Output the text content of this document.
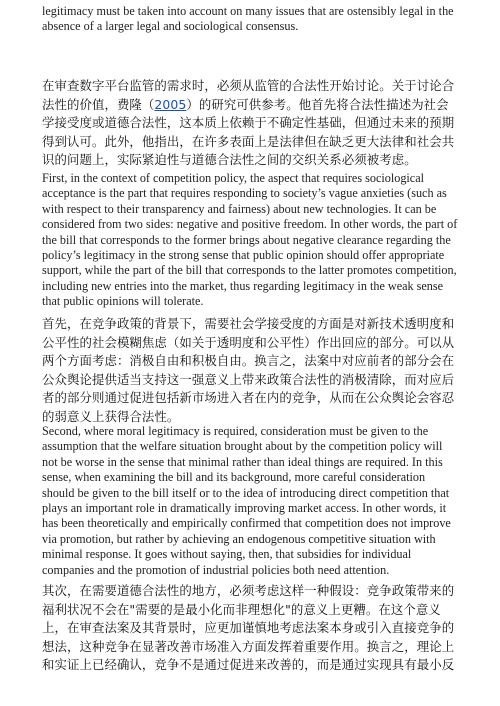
legitimacy must be taken into account on many issues that are ostensibly legal in the absence of a larger legal and sociological consensus.

在审查数字平台监管的需求时，必须从监管的合法性开始讨论。关于讨论合法性的价值，费隆（2005）的研究可供参考。他首先将合法性描述为社会学接受度或道德合法性，这本质上依赖于不确定性基础，但通过未来的预期得到认可。此外，他指出，在许多表面上是法律但在缺乏更大法律和社会共识的问题上，实际紧迫性与道德合法性之间的交织关系必须被考虑。

First, in the context of competition policy, the aspect that requires sociological acceptance is the part that requires responding to society’s vague anxieties (such as with respect to their transparency and fairness) about new technologies. It can be considered from two sides: negative and positive freedom. In other words, the part of the bill that corresponds to the former brings about negative clearance regarding the policy’s legitimacy in the strong sense that public opinion should offer appropriate support, while the part of the bill that corresponds to the latter promotes competition, including new entries into the market, thus regarding legitimacy in the weak sense that public opinions will tolerate.

首先，在竞争政策的背景下，需要社会学接受度的方面是对新技术透明度和公平性的社会模糊焦虑（如关于透明度和公平性）作出回应的部分。可以从两个方面考虑：消极自由和积极自由。换言之，法案中对应前者的部分会在公众舆论提供适当支持这一强意义上带来政策合法性的消极清除，而对应后者的部分则通过促进包括新市场进入者在内的竞争，从而在公众舆论会容忍的弱意义上获得合法性。

Second, where moral legitimacy is required, consideration must be given to the assumption that the welfare situation brought about by the competition policy will not be worse in the sense that minimal rather than ideal things are required. In this sense, when examining the bill and its background, more careful consideration should be given to the bill itself or to the idea of introducing direct competition that plays an important role in dramatically improving market access. In other words, it has been theoretically and empirically confirmed that competition does not improve via promotion, but rather by achieving an endogenous competitive situation with minimal response. It goes without saying, then, that subsidies for individual companies and the promotion of industrial policies both need attention.

其次，在需要道德合法性的地方，必须考虑这样一种假设：竞争政策带来的福利状况不会在"需要的是最小化而非理想化"的意义上更糟。在这个意义上，在审查法案及其背景时，应更加谨慎地考虑法案本身或引入直接竞争的想法，这种竞争在显著改善市场准入方面发挥着重要作用。换言之，理论上和实证上已经确认，竞争不是通过促进来改善的，而是通过实现具有最小反
